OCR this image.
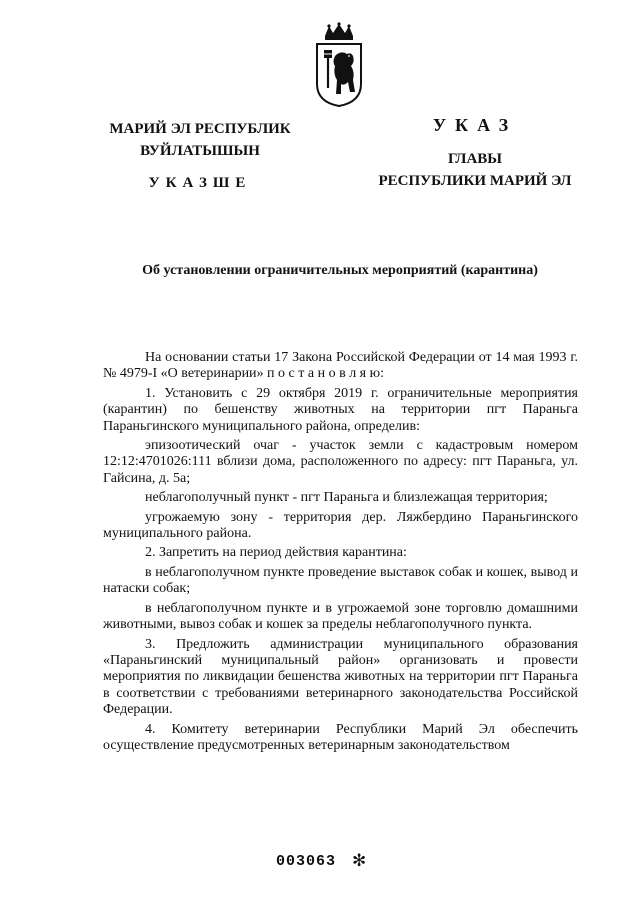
МАРИЙ ЭЛ РЕСПУБЛИК
ВУЙЛАТЫШЫН
УКАЗШЕ
УКАЗ
ГЛАВЫ
РЕСПУБЛИКИ МАРИЙ ЭЛ
Об установлении ограничительных мероприятий (карантина)

На основании статьи 17 Закона Российской Федерации от 14 мая 1993 г. № 4979-I «О ветеринарии» п о с т а н о в л я ю:

1. Установить с 29 октября 2019 г. ограничительные мероприятия (карантин) по бешенству животных на территории пгт Параньга Параньгинского муниципального района, определив:

эпизоотический очаг - участок земли с кадастровым номером 12:12:4701026:111 вблизи дома, расположенного по адресу: пгт Параньга, ул. Гайсина, д. 5а;

неблагополучный пункт - пгт Параньга и близлежащая территория;

угрожаемую зону - территория дер. Ляжбердино Параньгинского муниципального района.

2. Запретить на период действия карантина:

в неблагополучном пункте проведение выставок собак и кошек, вывод и натаски собак;

в неблагополучном пункте и в угрожаемой зоне торговлю домашними животными, вывоз собак и кошек за пределы неблагополучного пункта.

3. Предложить администрации муниципального образования «Параньгинский муниципальный район» организовать и провести мероприятия по ликвидации бешенства животных на территории пгт Параньга в соответствии с требованиями ветеринарного законодательства Российской Федерации.

4. Комитету ветеринарии Республики Марий Эл обеспечить осуществление предусмотренных ветеринарным законодательством

003063 ✻
